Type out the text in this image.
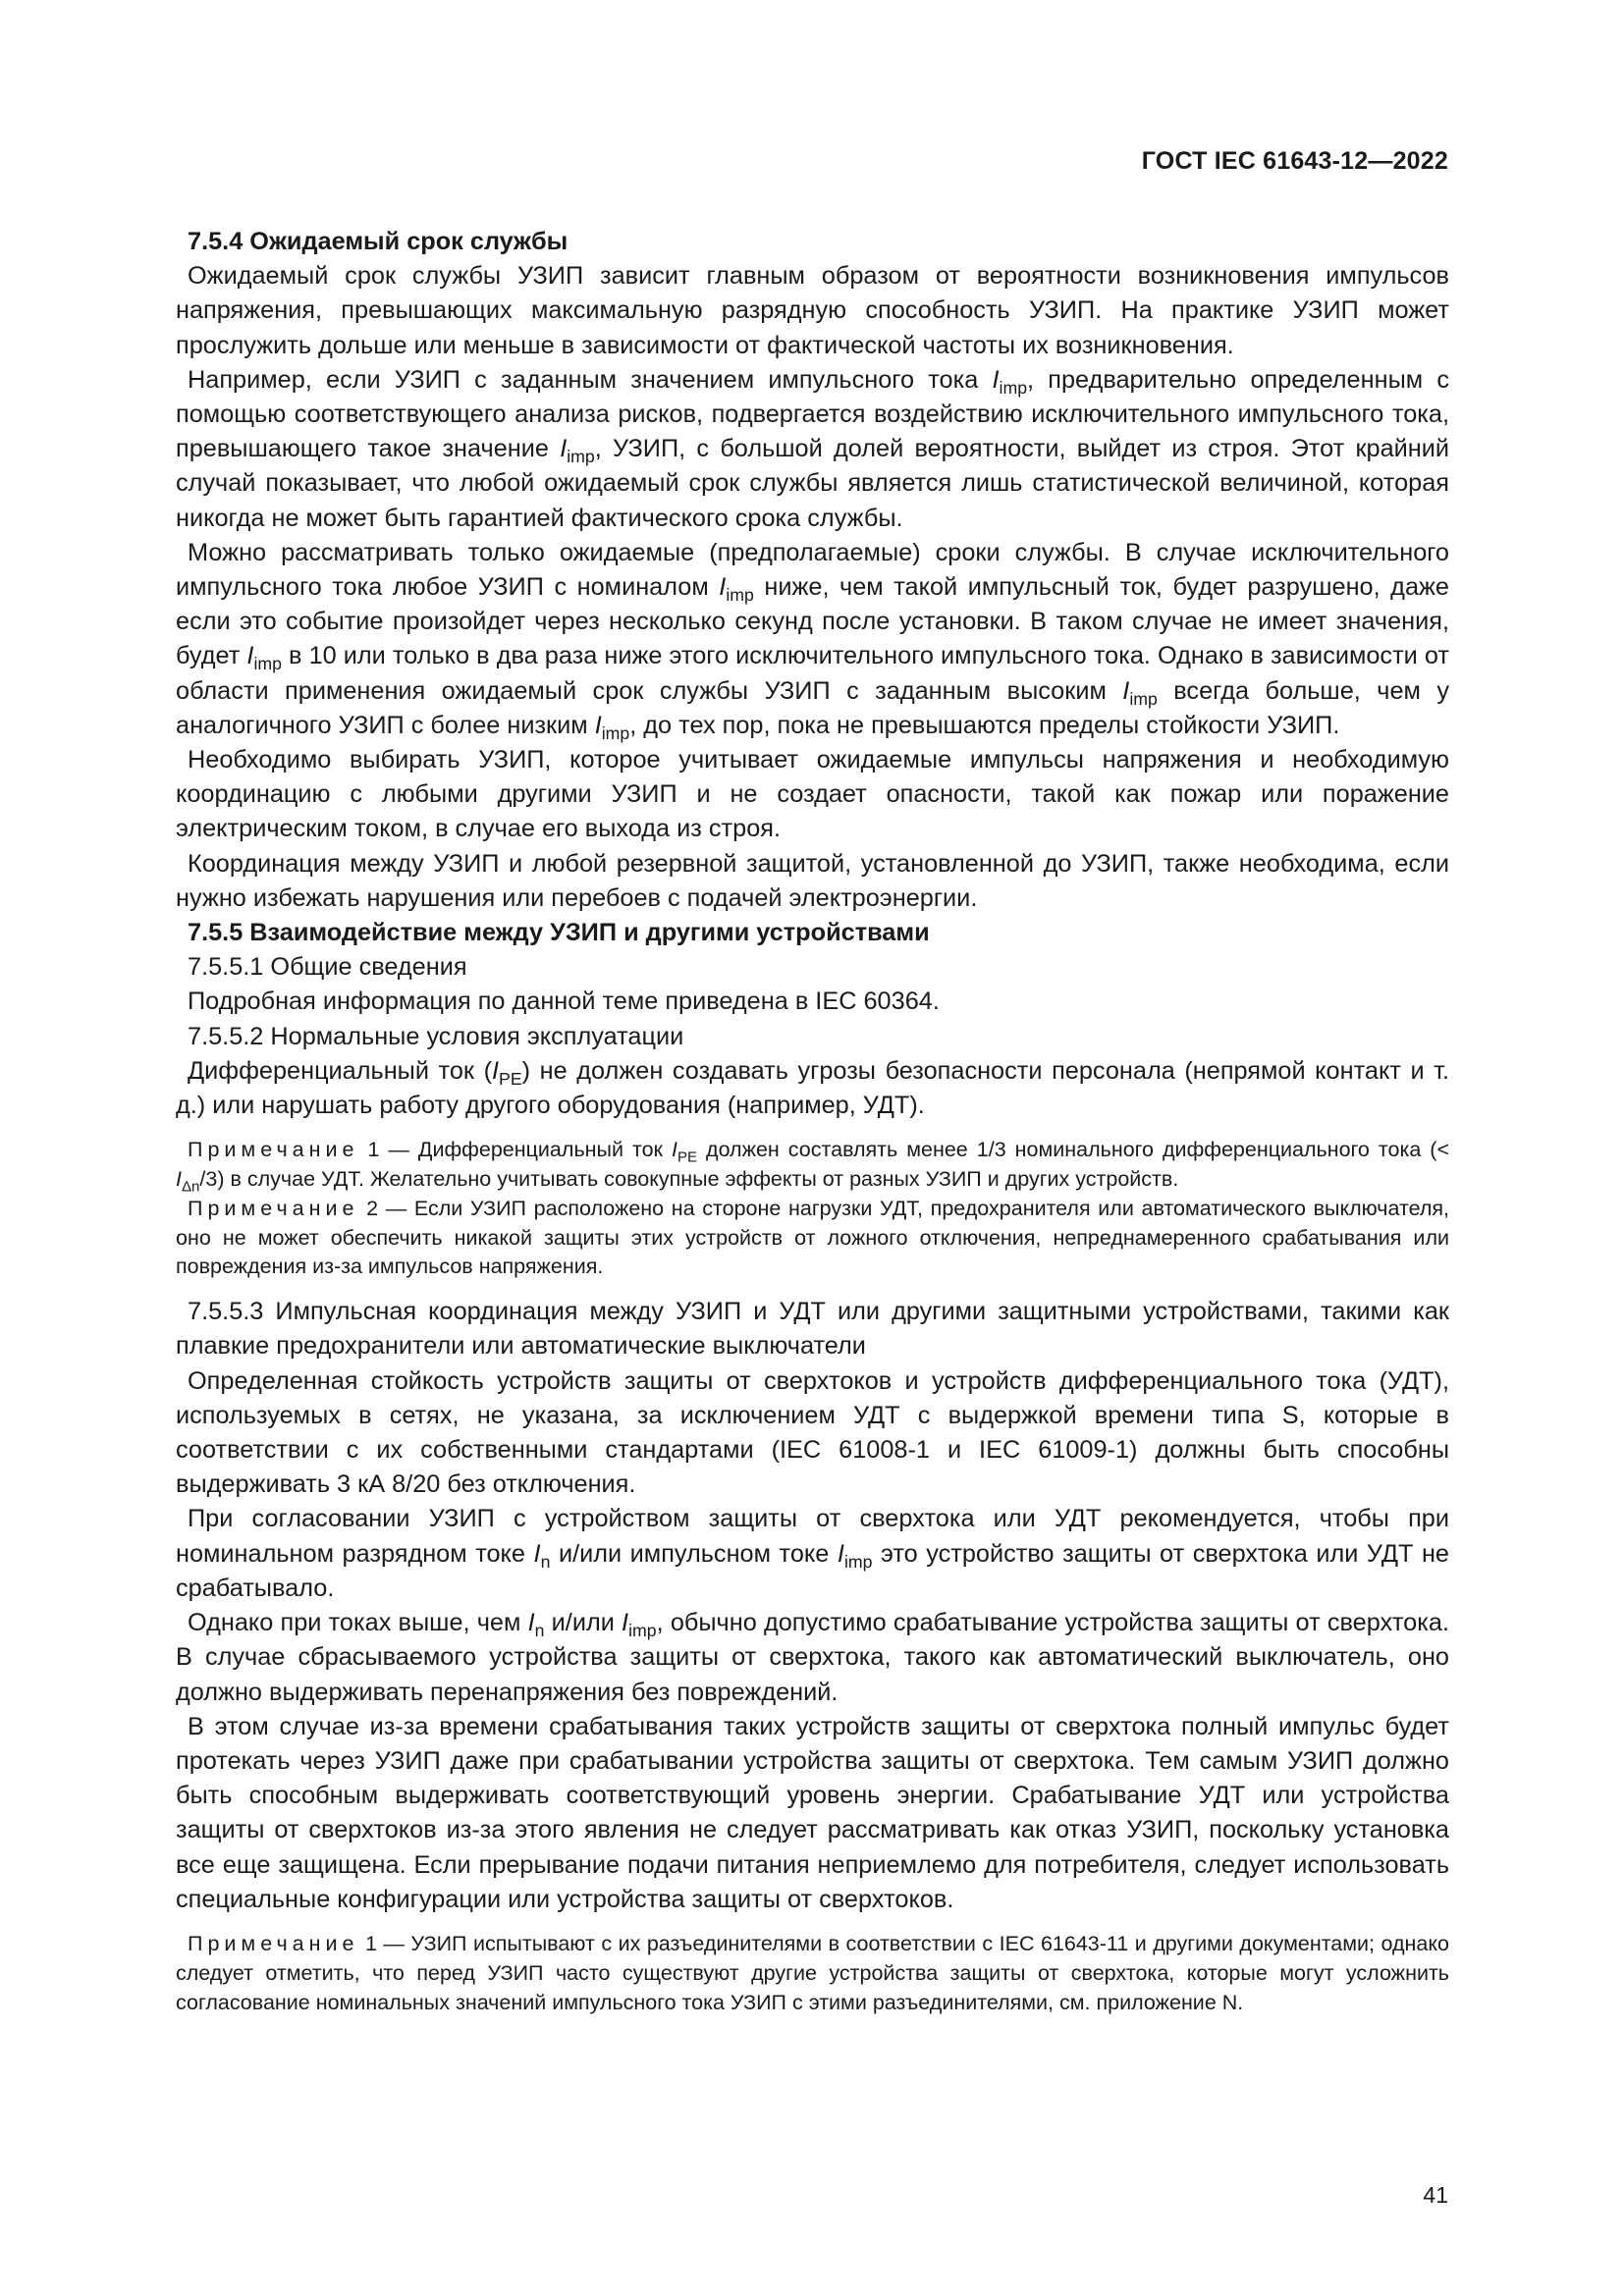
ГОСТ IEC 61643-12—2022

7.5.4 Ожидаемый срок службы

Ожидаемый срок службы УЗИП зависит главным образом от вероятности возникновения импульсов напряжения, превышающих максимальную разрядную способность УЗИП. На практике УЗИП может прослужить дольше или меньше в зависимости от фактической частоты их возникновения.

Например, если УЗИП с заданным значением импульсного тока $I_{imp}$, предварительно определенным с помощью соответствующего анализа рисков, подвергается воздействию исключительного импульсного тока, превышающего такое значение $I_{imp}$, УЗИП, с большой долей вероятности, выйдет из строя. Этот крайний случай показывает, что любой ожидаемый срок службы является лишь статистической величиной, которая никогда не может быть гарантией фактического срока службы.

Можно рассматривать только ожидаемые (предполагаемые) сроки службы. В случае исключительного импульсного тока любое УЗИП с номиналом $I_{imp}$ ниже, чем такой импульсный ток, будет разрушено, даже если это событие произойдет через несколько секунд после установки. В таком случае не имеет значения, будет $I_{imp}$ в 10 или только в два раза ниже этого исключительного импульсного тока. Однако в зависимости от области применения ожидаемый срок службы УЗИП с заданным высоким $I_{imp}$ всегда больше, чем у аналогичного УЗИП с более низким $I_{imp}$, до тех пор, пока не превышаются пределы стойкости УЗИП.

Необходимо выбирать УЗИП, которое учитывает ожидаемые импульсы напряжения и необходимую координацию с любыми другими УЗИП и не создает опасности, такой как пожар или поражение электрическим током, в случае его выхода из строя.

Координация между УЗИП и любой резервной защитой, установленной до УЗИП, также необходима, если нужно избежать нарушения или перебоев с подачей электроэнергии.

7.5.5 Взаимодействие между УЗИП и другими устройствами

7.5.5.1 Общие сведения

Подробная информация по данной теме приведена в IEC 60364.

7.5.5.2 Нормальные условия эксплуатации

Дифференциальный ток $(I_{PE})$ не должен создавать угрозы безопасности персонала (непрямой контакт и т. д.) или нарушать работу другого оборудования (например, УДТ).

Примечание 1 — Дифференциальный ток $I_{PE}$ должен составлять менее 1/3 номинального дифференциального тока (< $I_{\Delta n}/3$) в случае УДТ. Желательно учитывать совокупные эффекты от разных УЗИП и других устройств.

Примечание 2 — Если УЗИП расположено на стороне нагрузки УДТ, предохранителя или автоматического выключателя, оно не может обеспечить никакой защиты этих устройств от ложного отключения, непреднамеренного срабатывания или повреждения из-за импульсов напряжения.

7.5.5.3 Импульсная координация между УЗИП и УДТ или другими защитными устройствами, такими как плавкие предохранители или автоматические выключатели

Определенная стойкость устройств защиты от сверхтоков и устройств дифференциального тока (УДТ), используемых в сетях, не указана, за исключением УДТ с выдержкой времени типа S, которые в соответствии с их собственными стандартами (IEC 61008-1 и IEC 61009-1) должны быть способны выдерживать 3 кА 8/20 без отключения.

При согласовании УЗИП с устройством защиты от сверхтока или УДТ рекомендуется, чтобы при номинальном разрядном токе $I_n$ и/или импульсном токе $I_{imp}$ это устройство защиты от сверхтока или УДТ не срабатывало.

Однако при токах выше, чем $I_n$ и/или $I_{imp}$, обычно допустимо срабатывание устройства защиты от сверхтока. В случае сбрасываемого устройства защиты от сверхтока, такого как автоматический выключатель, оно должно выдерживать перенапряжения без повреждений.

В этом случае из-за времени срабатывания таких устройств защиты от сверхтока полный импульс будет протекать через УЗИП даже при срабатывании устройства защиты от сверхтока. Тем самым УЗИП должно быть способным выдерживать соответствующий уровень энергии. Срабатывание УДТ или устройства защиты от сверхтоков из-за этого явления не следует рассматривать как отказ УЗИП, поскольку установка все еще защищена. Если прерывание подачи питания неприемлемо для потребителя, следует использовать специальные конфигурации или устройства защиты от сверхтоков.

Примечание 1 — УЗИП испытывают с их разъединителями в соответствии с IEC 61643-11 и другими документами; однако следует отметить, что перед УЗИП часто существуют другие устройства защиты от сверхтока, которые могут усложнить согласование номинальных значений импульсного тока УЗИП с этими разъединителями, см. приложение N.

41
